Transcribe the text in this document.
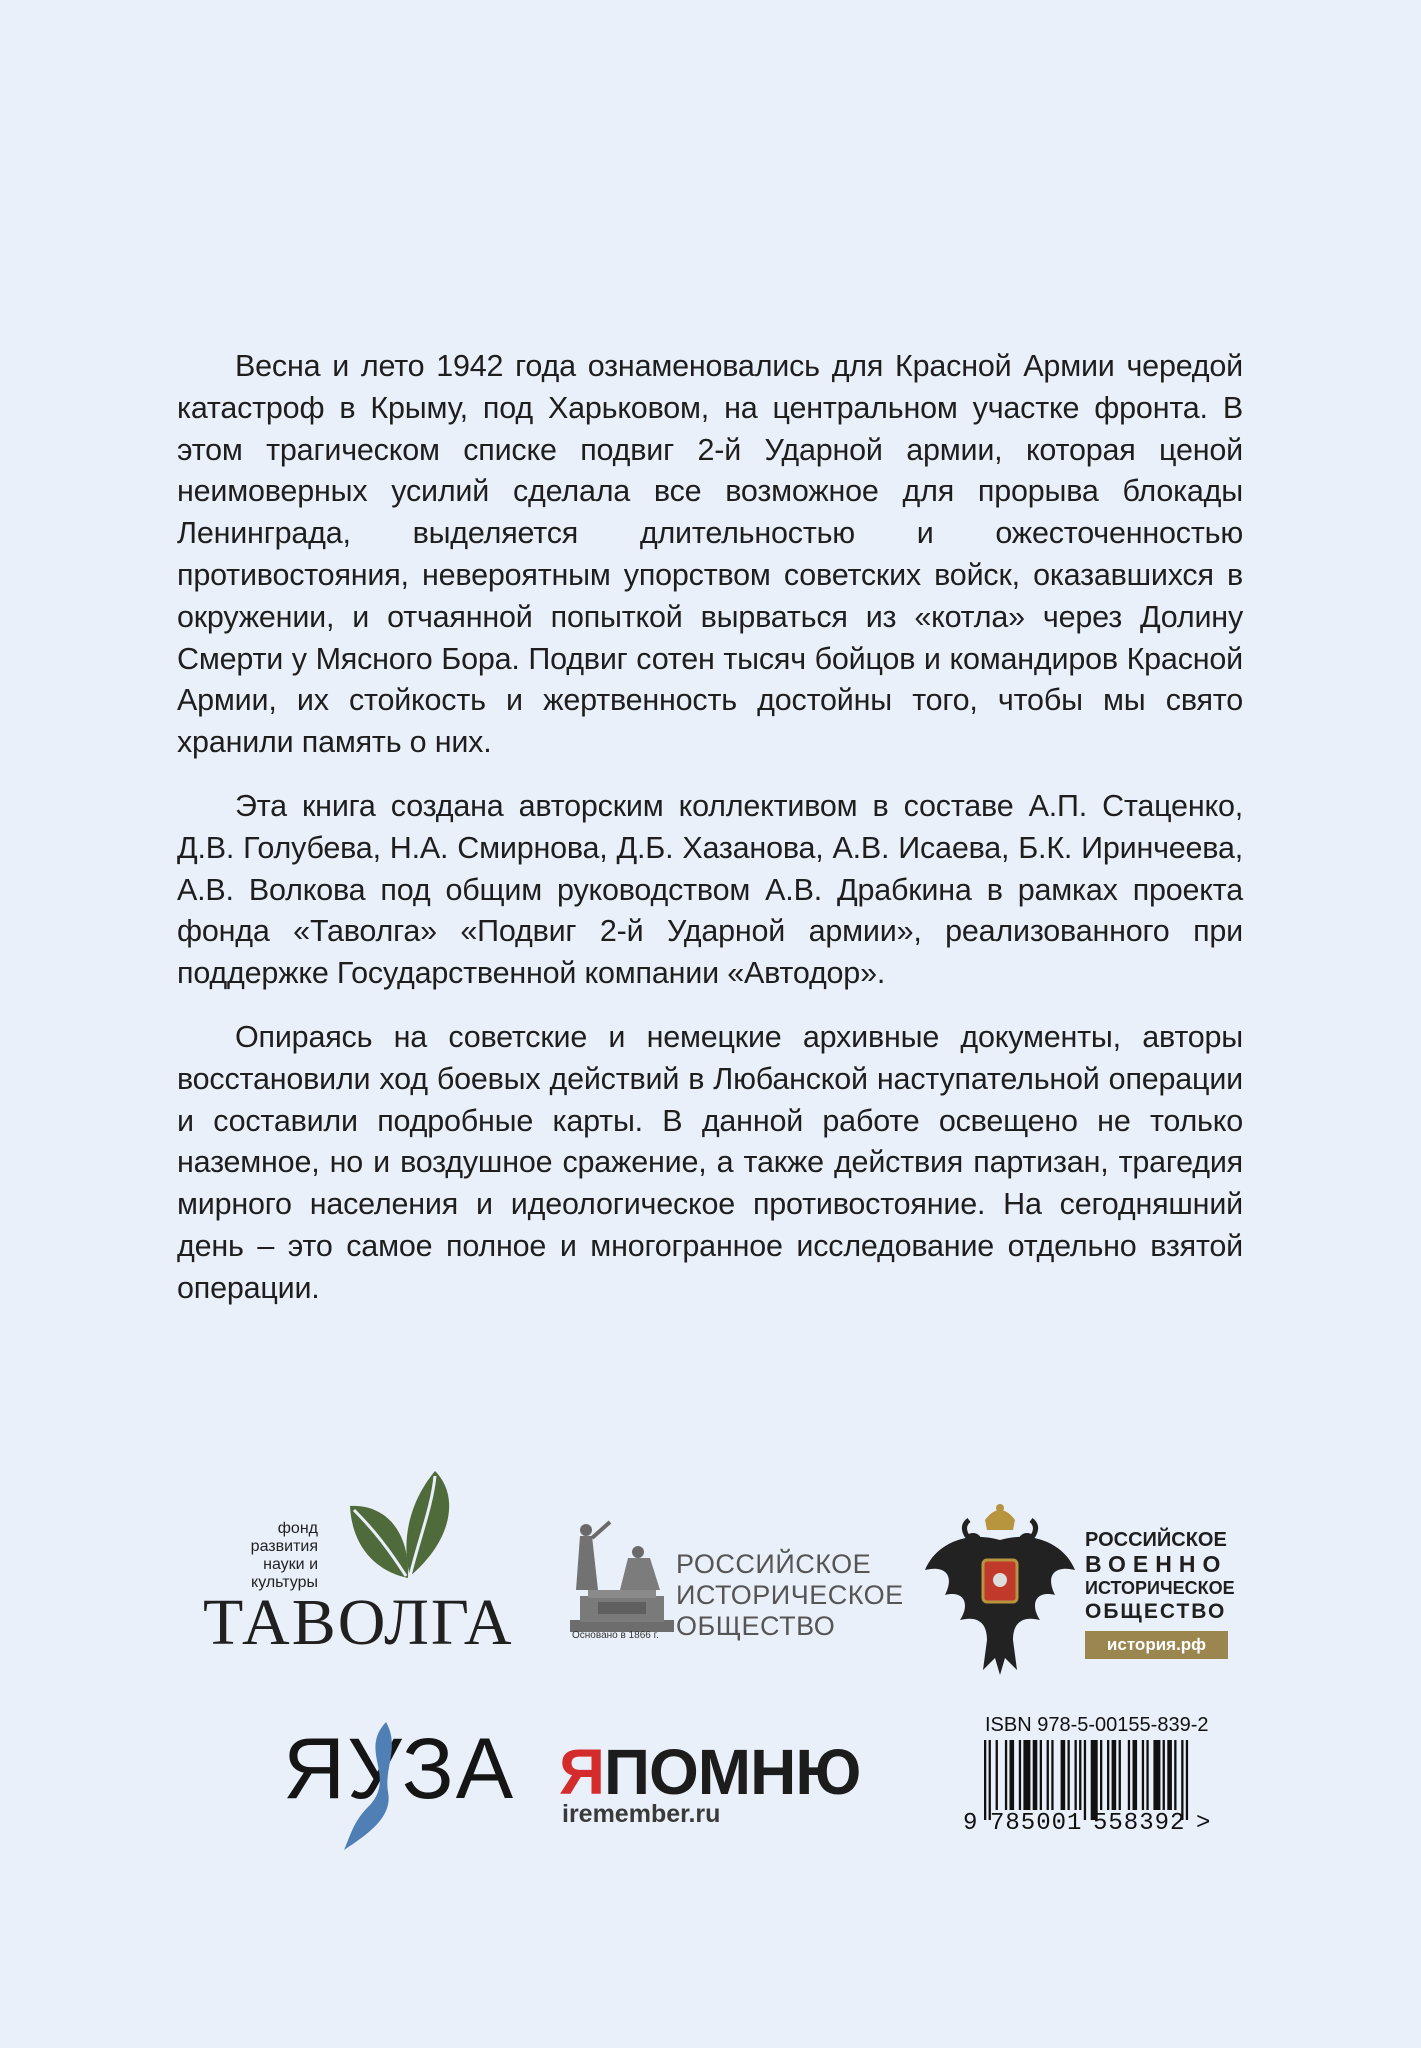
Весна и лето 1942 года ознаменовались для Красной Армии чередой катастроф в Крыму, под Харьковом, на центральном участке фронта. В этом трагическом списке подвиг 2-й Ударной армии, которая ценой неимоверных усилий сделала все возможное для прорыва блокады Ленинграда, выделяется длительностью и ожесточенностью противостояния, невероятным упорством советских войск, оказавшихся в окружении, и отчаянной попыткой вырваться из «котла» через Долину Смерти у Мясного Бора. Подвиг сотен тысяч бойцов и командиров Красной Армии, их стойкость и жертвенность достойны того, чтобы мы свято хранили память о них.

Эта книга создана авторским коллективом в составе А.П. Стаценко, Д.В. Голубева, Н.А. Смирнова, Д.Б. Хазанова, А.В. Исаева, Б.К. Иринчеева, А.В. Волкова под общим руководством А.В. Драбкина в рамках проекта фонда «Таволга» «Подвиг 2-й Ударной армии», реализованного при поддержке Государственной компании «Автодор».

Опираясь на советские и немецкие архивные документы, авторы восстановили ход боевых действий в Любанской наступательной операции и составили подробные карты. В данной работе освещено не только наземное, но и воздушное сражение, а также действия партизан, трагедия мирного населения и идеологическое противостояние. На сегодняшний день – это самое полное и многогранное исследование отдельно взятой операции.

фонд
развития
науки и культуры
ТАВОЛГА	Основано в 1866 г.
РОССИЙСКОЕ
ИСТОРИЧЕСКОЕ
ОБЩЕСТВО
РОССИЙСКОЕ
ВОЕННО
ИСТОРИЧЕСКОЕ
ОБЩЕСТВО
история.рф
ЯУЗА ЯПОМНЮ
iremember.ru
ISBN 978-5-00155-839-2
9 785001 558392 >
